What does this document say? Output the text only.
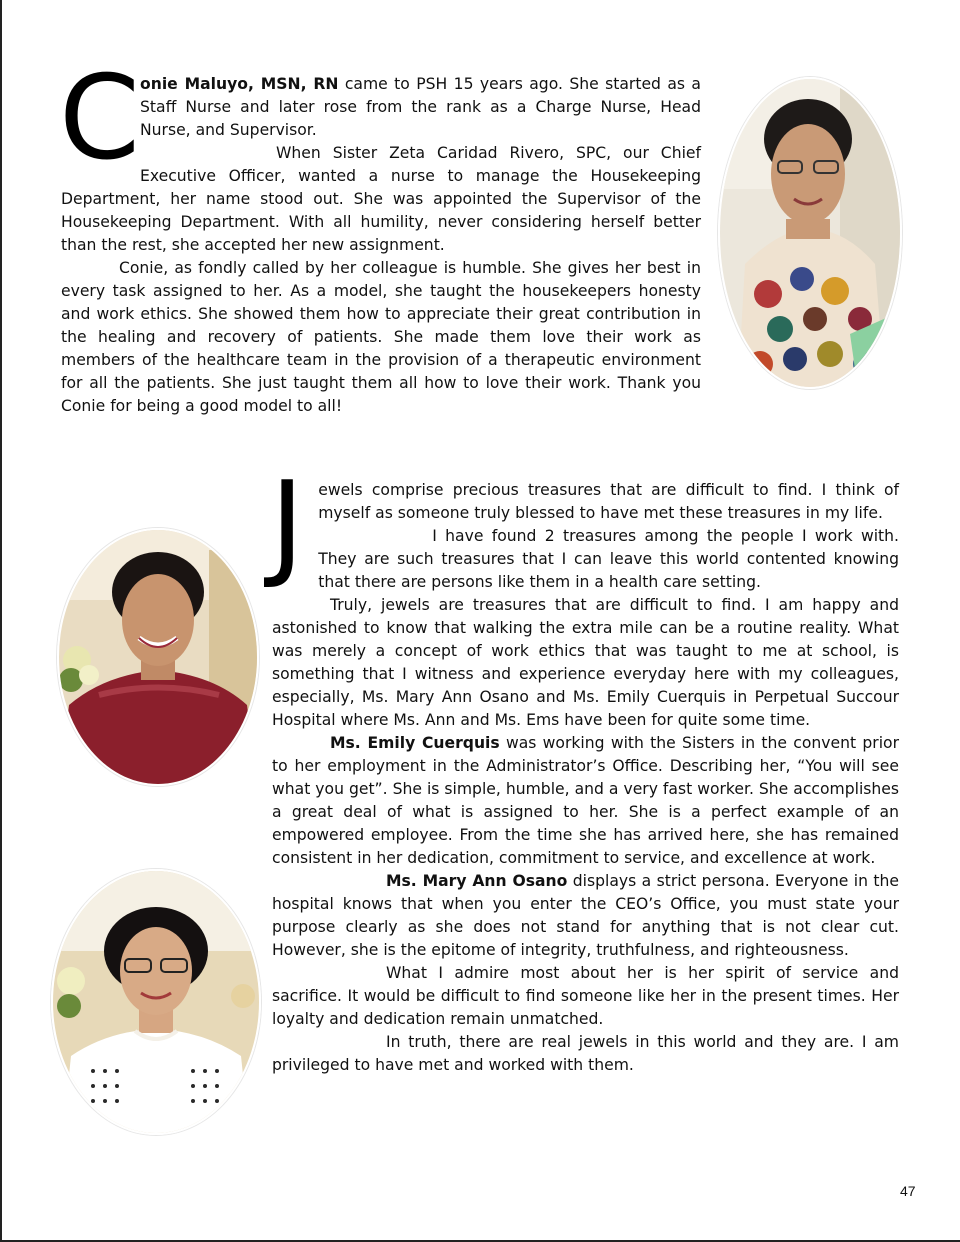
Conie Maluyo, MSN, RN came to PSH 15 years ago. She started as a Staff Nurse and later rose from the rank as a Charge Nurse, Head Nurse, and Supervisor.

When Sister Zeta Caridad Rivero, SPC, our Chief Executive Officer, wanted a nurse to manage the Housekeeping Department, her name stood out. She was appointed the Supervisor of the Housekeeping Department. With all humility, never considering herself better than the rest, she accepted her new assignment.

Conie, as fondly called by her colleague is humble. She gives her best in every task assigned to her. As a model, she taught the housekeepers honesty and work ethics. She showed them how to appreciate their great contribution in the healing and recovery of patients. She made them love their work as members of the healthcare team in the provision of a therapeutic environment for all the patients. She just taught them all how to love their work. Thank you Conie for being a good model to all!

Jewels comprise precious treasures that are difficult to find. I think of myself as someone truly blessed to have met these treasures in my life.

I have found 2 treasures among the people I work with. They are such treasures that I can leave this world contented knowing that there are persons like them in a health care setting.

Truly, jewels are treasures that are difficult to find. I am happy and astonished to know that walking the extra mile can be a routine reality. What was merely a concept of work ethics that was taught to me at school, is something that I witness and experience everyday here with my colleagues, especially, Ms. Mary Ann Osano and Ms. Emily Cuerquis in Perpetual Succour Hospital where Ms. Ann and Ms. Ems have been for quite some time.

Ms. Emily Cuerquis was working with the Sisters in the convent prior to her employment in the Administrator’s Office. Describing her, “You will see what you get”. She is simple, humble, and a very fast worker. She accomplishes a great deal of what is assigned to her. She is a perfect example of an empowered employee. From the time she has arrived here, she has remained consistent in her dedication, commitment to service, and excellence at work.

Ms. Mary Ann Osano displays a strict persona. Everyone in the hospital knows that when you enter the CEO’s Office, you must state your purpose clearly as she does not stand for anything that is not clear cut. However, she is the epitome of integrity, truthfulness, and righteousness.

What I admire most about her is her spirit of service and sacrifice. It would be difficult to find someone like her in the present times. Her loyalty and dedication remain unmatched.

In truth, there are real jewels in this world and they are. I am privileged to have met and worked with them.

47
